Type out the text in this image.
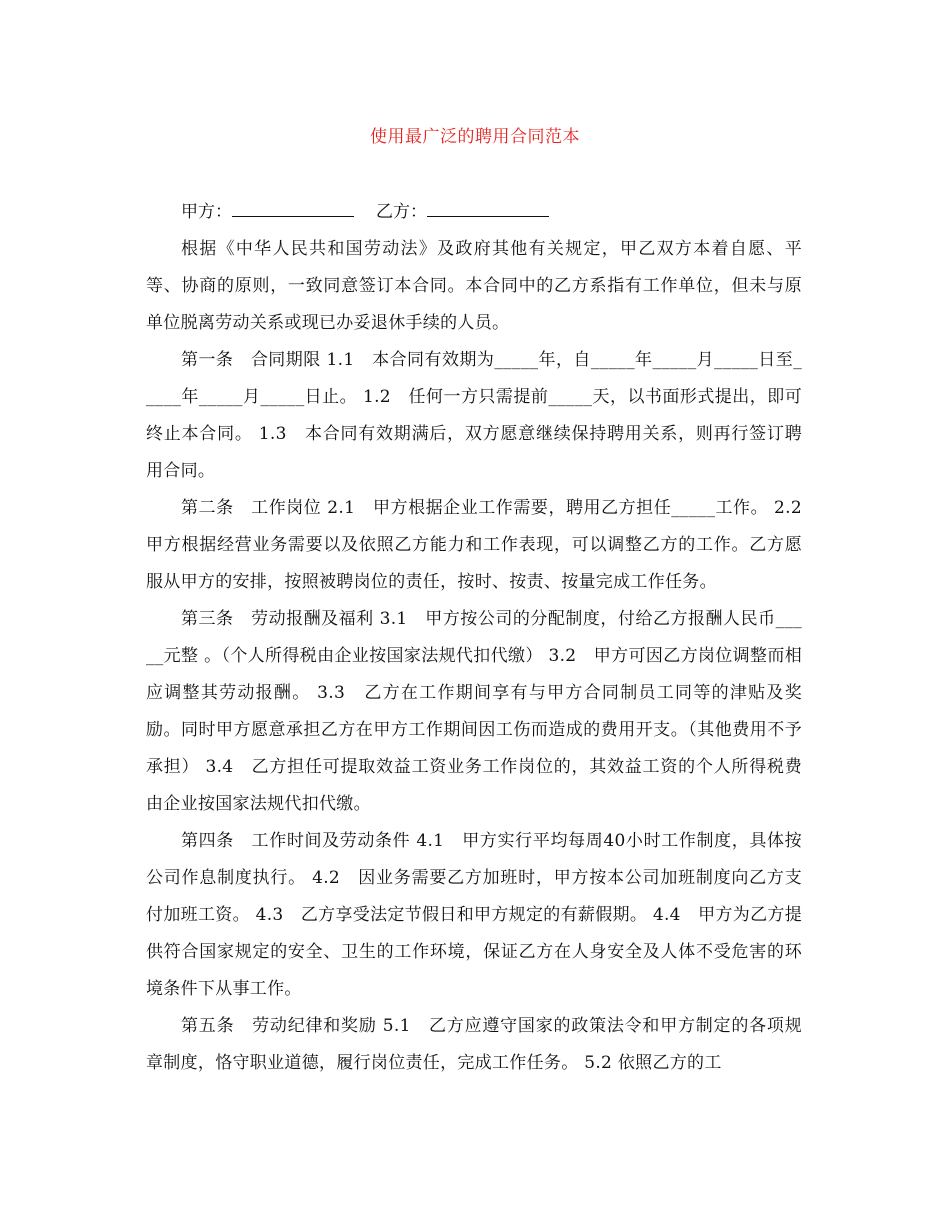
使用最广泛的聘用合同范本

甲方：	乙方：

根据《中华人民共和国劳动法》及政府其他有关规定，甲乙双方本着自愿、平等、协商的原则，一致同意签订本合同。本合同中的乙方系指有工作单位，但未与原单位脱离劳动关系或现已办妥退休手续的人员。

第一条　合同期限 1.1　本合同有效期为_____年，自_____年_____月_____日至_____年_____月_____日止。 1.2　任何一方只需提前_____天，以书面形式提出，即可终止本合同。 1.3　本合同有效期满后，双方愿意继续保持聘用关系，则再行签订聘用合同。

第二条　工作岗位 2.1　甲方根据企业工作需要，聘用乙方担任_____工作。 2.2　甲方根据经营业务需要以及依照乙方能力和工作表现，可以调整乙方的工作。乙方愿服从甲方的安排，按照被聘岗位的责任，按时、按责、按量完成工作任务。

第三条　劳动报酬及福利 3.1　甲方按公司的分配制度，付给乙方报酬人民币_____元整 。（个人所得税由企业按国家法规代扣代缴） 3.2　甲方可因乙方岗位调整而相应调整其劳动报酬。 3.3　乙方在工作期间享有与甲方合同制员工同等的津贴及奖励。同时甲方愿意承担乙方在甲方工作期间因工伤而造成的费用开支。（其他费用不予承担） 3.4　乙方担任可提取效益工资业务工作岗位的，其效益工资的个人所得税费由企业按国家法规代扣代缴。

第四条　工作时间及劳动条件 4.1　甲方实行平均每周40小时工作制度，具体按公司作息制度执行。 4.2　因业务需要乙方加班时，甲方按本公司加班制度向乙方支付加班工资。 4.3　乙方享受法定节假日和甲方规定的有薪假期。 4.4　甲方为乙方提供符合国家规定的安全、卫生的工作环境，保证乙方在人身安全及人体不受危害的环境条件下从事工作。

第五条　劳动纪律和奖励 5.1　乙方应遵守国家的政策法令和甲方制定的各项规章制度，恪守职业道德，履行岗位责任，完成工作任务。 5.2 依照乙方的工
